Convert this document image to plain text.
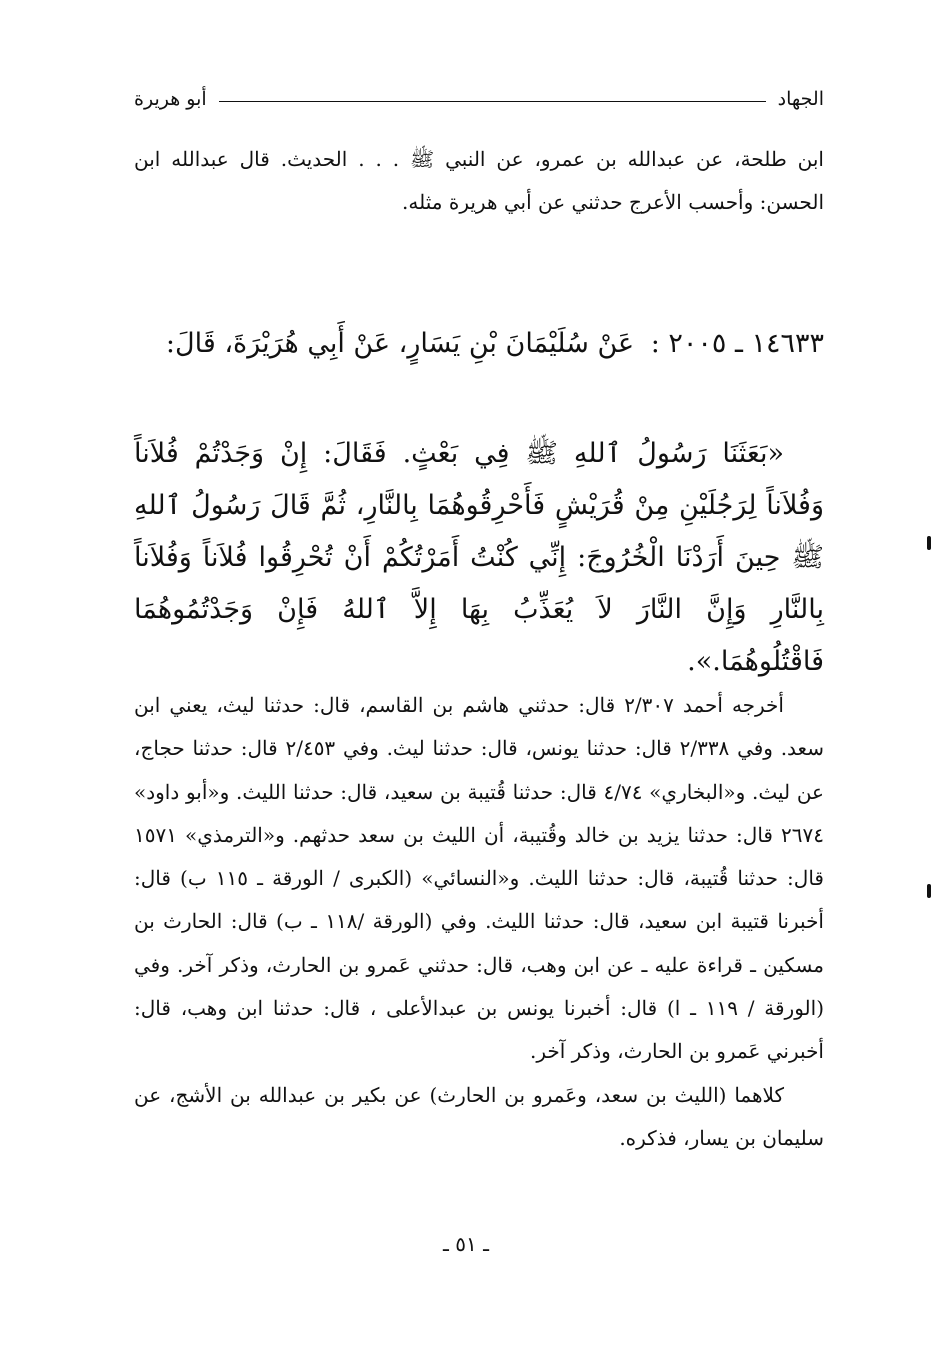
الجهاد
أبو هريرة

ابن طلحة، عن عبدالله بن عمرو، عن النبي ﷺ . . . الحديث. قال عبدالله ابن الحسن: وأحسب الأعرج حدثني عن أبي هريرة مثله.

١٤٦٣٣ ـ ٢٠٠٥ : عَنْ سُلَيْمَانَ بْنِ يَسَارٍ، عَنْ أَبِي هُرَيْرَةَ، قَالَ:

«بَعَثَنَا رَسُولُ ٱللهِ ﷺ فِي بَعْثٍ. فَقَالَ: إِنْ وَجَدْتُمْ فُلاَناً وَفُلاَناً لِرَجُلَيْنِ مِنْ قُرَيْشٍ فَأَحْرِقُوهُمَا بِالنَّارِ، ثُمَّ قَالَ رَسُولُ ٱللهِ ﷺ حِينَ أَرَدْنَا الْخُرُوجَ: إِنِّي كُنْتُ أَمَرْتُكُمْ أَنْ تُحْرِقُوا فُلاَناً وَفُلاَناً بِالنَّارِ وَإِنَّ النَّارَ لاَ يُعَذِّبُ بِهَا إِلاَّ ٱللهُ فَإِنْ وَجَدْتُمُوهُمَا فَاقْتُلُوهُمَا.».

أخرجه أحمد ٢/٣٠٧ قال: حدثني هاشم بن القاسم، قال: حدثنا ليث، يعني ابن سعد. وفي ٢/٣٣٨ قال: حدثنا يونس، قال: حدثنا ليث. وفي ٢/٤٥٣ قال: حدثنا حجاج، عن ليث. و«البخاري» ٤/٧٤ قال: حدثنا قُتيبة بن سعيد، قال: حدثنا الليث. و«أبو داود» ٢٦٧٤ قال: حدثنا يزيد بن خالد وقُتيبة، أن الليث بن سعد حدثهم. و«الترمذي» ١٥٧١ قال: حدثنا قُتيبة، قال: حدثنا الليث. و«النسائي» (الكبرى / الورقة ـ ١١٥ ب) قال: أخبرنا قتيبة ابن سعيد، قال: حدثنا الليث. وفي (الورقة /١١٨ ـ ب) قال: الحارث بن مسكين ـ قراءة عليه ـ عن ابن وهب، قال: حدثني عَمرو بن الحارث، وذكر آخر. وفي (الورقة / ١١٩ ـ ا) قال: أخبرنا يونس بن عبدالأعلى ، قال: حدثنا ابن وهب، قال: أخبرني عَمرو بن الحارث، وذكر آخر.

كلاهما (الليث بن سعد، وعَمرو بن الحارث) عن بكير بن عبدالله بن الأشج، عن سليمان بن يسار، فذكره.

ـ ٥١ ـ
